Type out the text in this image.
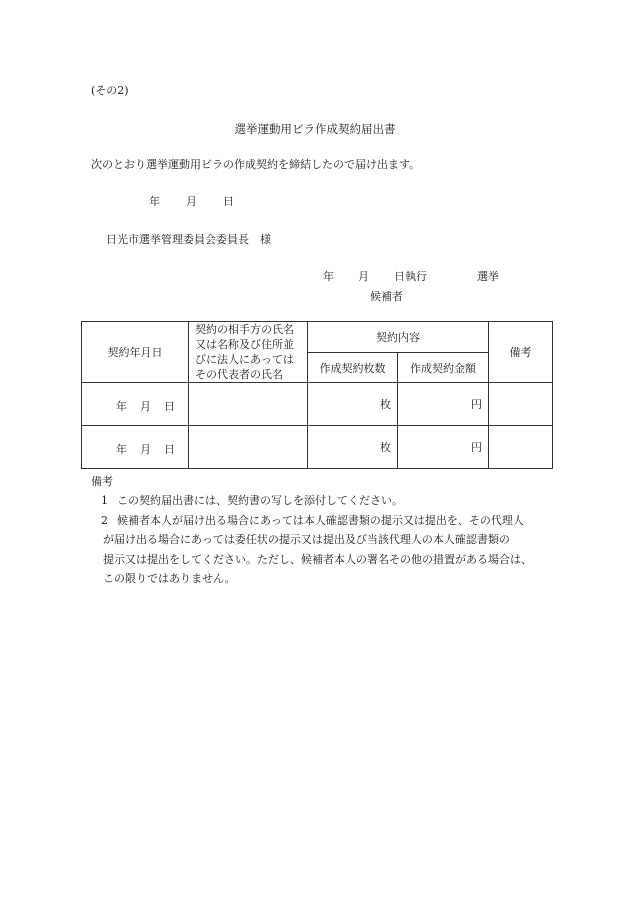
(その2)
選挙運動用ビラ作成契約届出書
次のとおり選挙運動用ビラの作成契約を締結したので届け出ます。
年 月 日
日光市選挙管理委員会委員長　様
年 月 日執行	選挙
候補者
契約年月日	契約の相手方の氏名
又は名称及び住所並
びに法人にあっては
その代表者の氏名	契約内容		備考
		作成契約枚数	作成契約金額	

年 月 日		枚	円	

年 月 日		枚	円	
備考
1 この契約届出書には、契約書の写しを添付してください。
2 候補者本人が届け出る場合にあっては本人確認書類の提示又は提出を、その代理人
が届け出る場合にあっては委任状の提示又は提出及び当該代理人の本人確認書類の
提示又は提出をしてください。ただし、候補者本人の署名その他の措置がある場合は、
この限りではありません。
